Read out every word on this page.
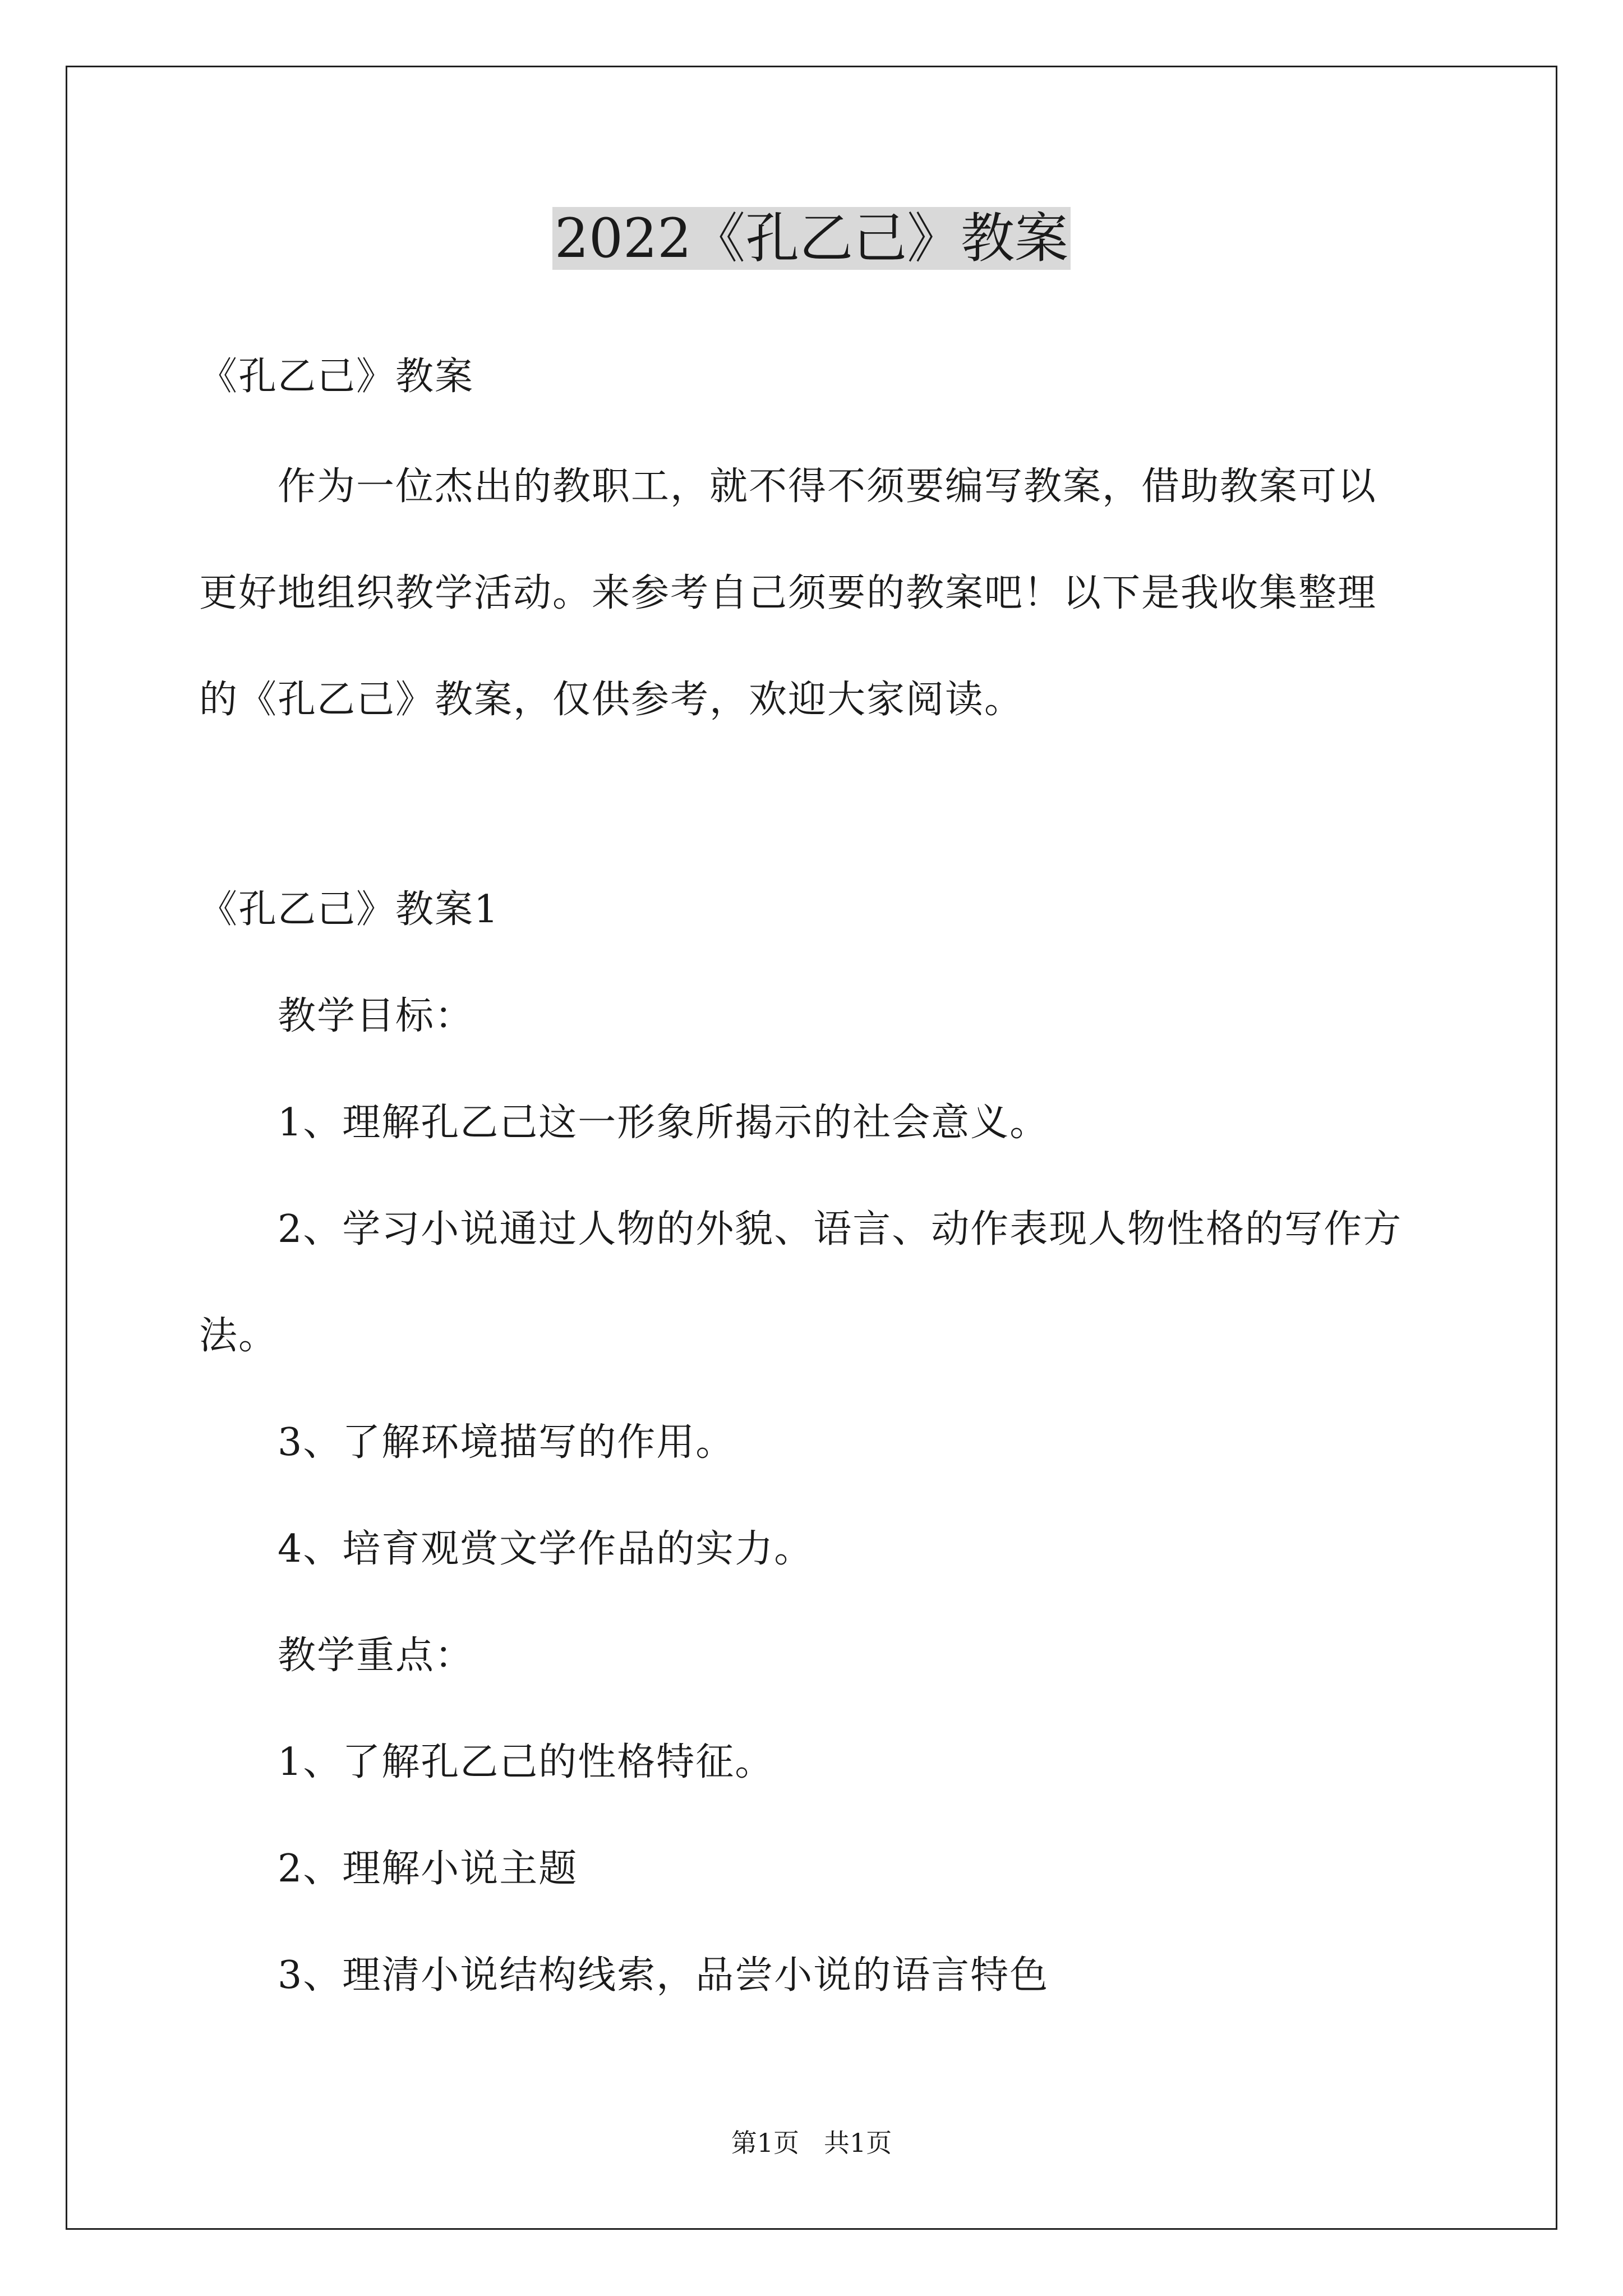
2022《孔乙己》教案
《孔乙己》教案
作为一位杰出的教职工，就不得不须要编写教案，借助教案可以
更好地组织教学活动。来参考自己须要的教案吧！以下是我收集整理
的《孔乙己》教案，仅供参考，欢迎大家阅读。
《孔乙己》教案1
教学目标：
1、理解孔乙己这一形象所揭示的社会意义。
2、学习小说通过人物的外貌、语言、动作表现人物性格的写作方
法。
3、了解环境描写的作用。
4、培育观赏文学作品的实力。
教学重点：
1、了解孔乙己的性格特征。
2、理解小说主题
3、理清小说结构线索，品尝小说的语言特色
第1页 共1页
